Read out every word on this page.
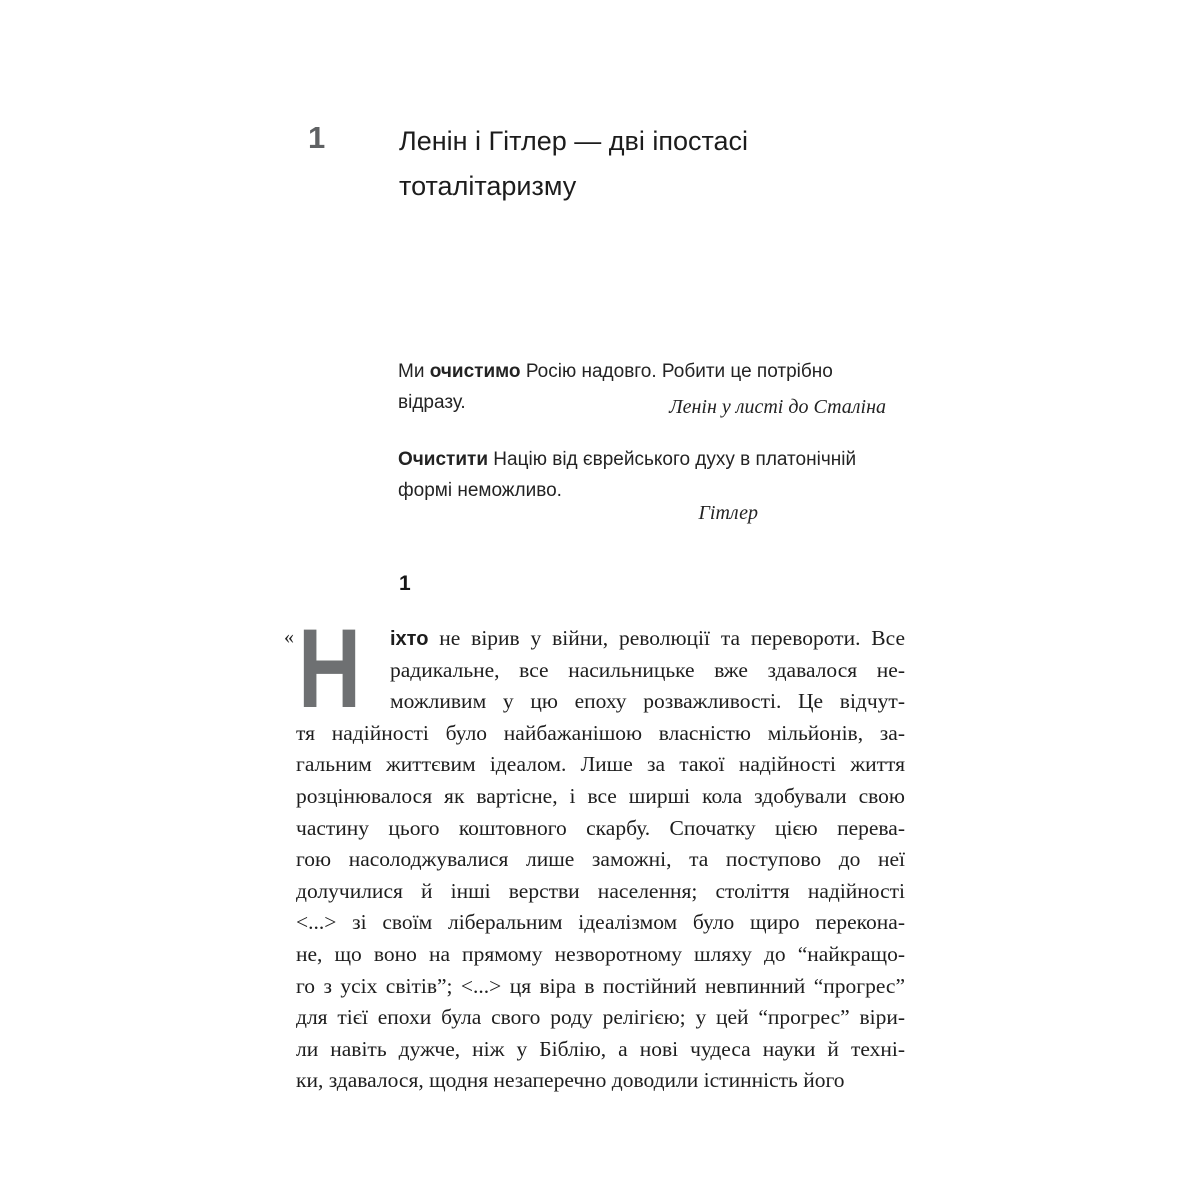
1	Ленін і Гітлер — дві іпостасі
тоталітаризму
Ми очистимо Росію надовго. Робити це потрібно відразу.	Ленін у листі до Сталіна
Очистити Націю від єврейського духу в платонічній формі неможливо.
Гітлер
1
« Н іхто не вірив у війни, революції та перевороти. Все
радикальне, все насильницьке вже здавалося не-
можливим у цю епоху розважливості. Це відчут-
тя надійності було найбажанішою власністю мільйонів, за-
гальним життєвим ідеалом. Лише за такої надійності життя
розцінювалося як вартісне, і все ширші кола здобували свою
частину цього коштовного скарбу. Спочатку цією перева-
гою насолоджувалися лише заможні, та поступово до неї
долучилися й інші верстви населення; століття надійності
<...> зі своїм ліберальним ідеалізмом було щиро перекона-
не, що воно на прямому незворотному шляху до “найкращо-
го з усіх світів”; <...> ця віра в постійний невпинний “прогрес”
для тієї епохи була свого роду релігією; у цей “прогрес” віри-
ли навіть дужче, ніж у Біблію, а нові чудеса науки й техні-
ки, здавалося, щодня незаперечно доводили істинність його
